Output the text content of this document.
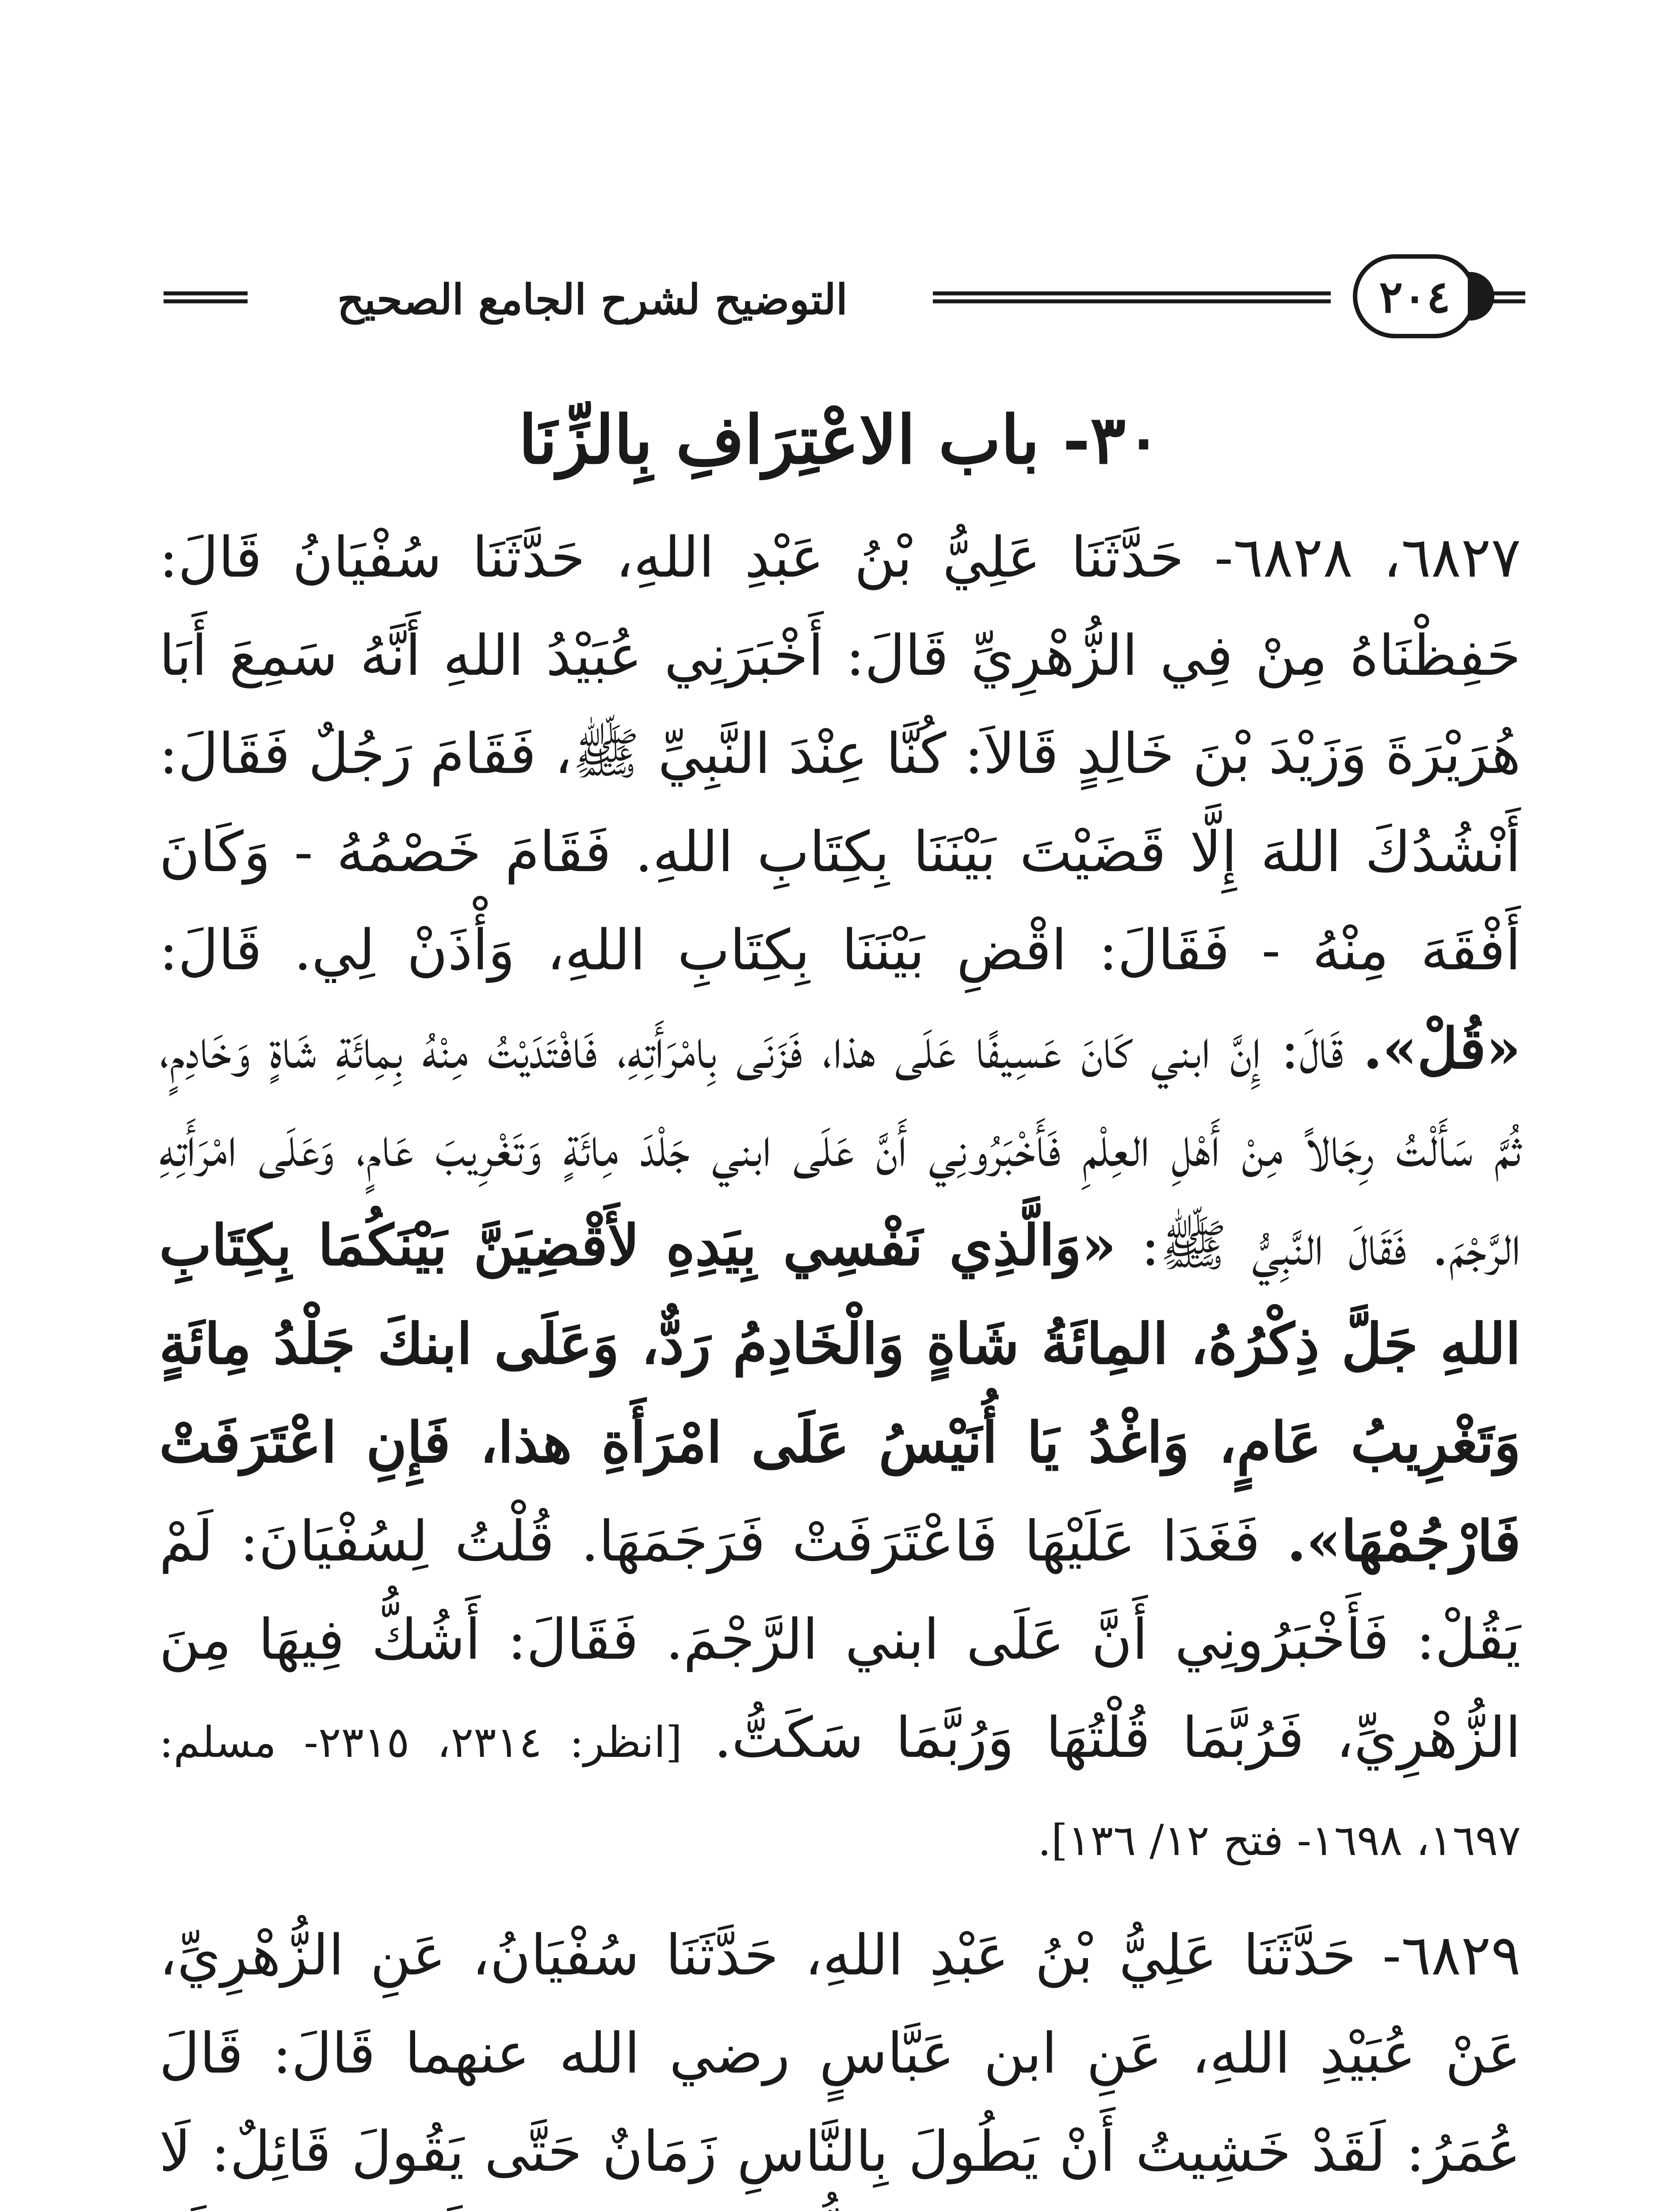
التوضيح لشرح الجامع الصحيح	٢٠٤
٣٠- باب الاعْتِرَافِ بِالزِّنَا

٦٨٢٧، ٦٨٢٨- حَدَّثَنَا عَلِيُّ بْنُ عَبْدِ اللهِ، حَدَّثَنَا سُفْيَانُ قَالَ: حَفِظْنَاهُ مِنْ فِي الزُّهْرِيِّ قَالَ: أَخْبَرَنِي عُبَيْدُ اللهِ أَنَّهُ سَمِعَ أَبَا هُرَيْرَةَ وَزَيْدَ بْنَ خَالِدٍ قَالاَ: كُنَّا عِنْدَ النَّبِيِّ ﷺ، فَقَامَ رَجُلٌ فَقَالَ: أَنْشُدُكَ اللهَ إِلَّا قَضَيْتَ بَيْنَنَا بِكِتَابِ اللهِ. فَقَامَ خَصْمُهُ - وَكَانَ أَفْقَهَ مِنْهُ - فَقَالَ: اقْضِ بَيْنَنَا بِكِتَابِ اللهِ، وَأْذَنْ لِي. قَالَ: «قُلْ». قَالَ: إِنَّ ابني كَانَ عَسِيفًا عَلَى هذا، فَزَنَى بِامْرَأَتِهِ، فَافْتَدَيْتُ مِنْهُ بِمِائَةِ شَاةٍ وَخَادِمٍ، ثُمَّ سَأَلْتُ رِجَالاً مِنْ أَهْلِ العِلْمِ فَأَخْبَرُونِي أَنَّ عَلَى ابني جَلْدَ مِائَةٍ وَتَغْرِيبَ عَامٍ، وَعَلَى امْرَأَتِهِ الرَّجْمَ. فَقَالَ النَّبِيُّ ﷺ: «وَالَّذِي نَفْسِي بِيَدِهِ لأَقْضِيَنَّ بَيْنَكُمَا بِكِتَابِ اللهِ جَلَّ ذِكْرُهُ، المِائَةُ شَاةٍ وَالْخَادِمُ رَدٌّ، وَعَلَى ابنكَ جَلْدُ مِائَةٍ وَتَغْرِيبُ عَامٍ، وَاغْدُ يَا أُنَيْسُ عَلَى امْرَأَةِ هذا، فَإِنِ اعْتَرَفَتْ فَارْجُمْهَا». فَغَدَا عَلَيْهَا فَاعْتَرَفَتْ فَرَجَمَهَا. قُلْتُ لِسُفْيَانَ: لَمْ يَقُلْ: فَأَخْبَرُونِي أَنَّ عَلَى ابني الرَّجْمَ. فَقَالَ: أَشُكُّ فِيهَا مِنَ الزُّهْرِيِّ، فَرُبَّمَا قُلْتُهَا وَرُبَّمَا سَكَتُّ. [انظر: ٢٣١٤، ٢٣١٥- مسلم: ١٦٩٧، ١٦٩٨- فتح ١٢/ ١٣٦].

٦٨٢٩- حَدَّثَنَا عَلِيُّ بْنُ عَبْدِ اللهِ، حَدَّثَنَا سُفْيَانُ، عَنِ الزُّهْرِيِّ، عَنْ عُبَيْدِ اللهِ، عَنِ ابن عَبَّاسٍ رضي الله عنهما قَالَ: قَالَ عُمَرُ: لَقَدْ خَشِيتُ أَنْ يَطُولَ بِالنَّاسِ زَمَانٌ حَتَّى يَقُولَ قَائِلٌ: لَا
